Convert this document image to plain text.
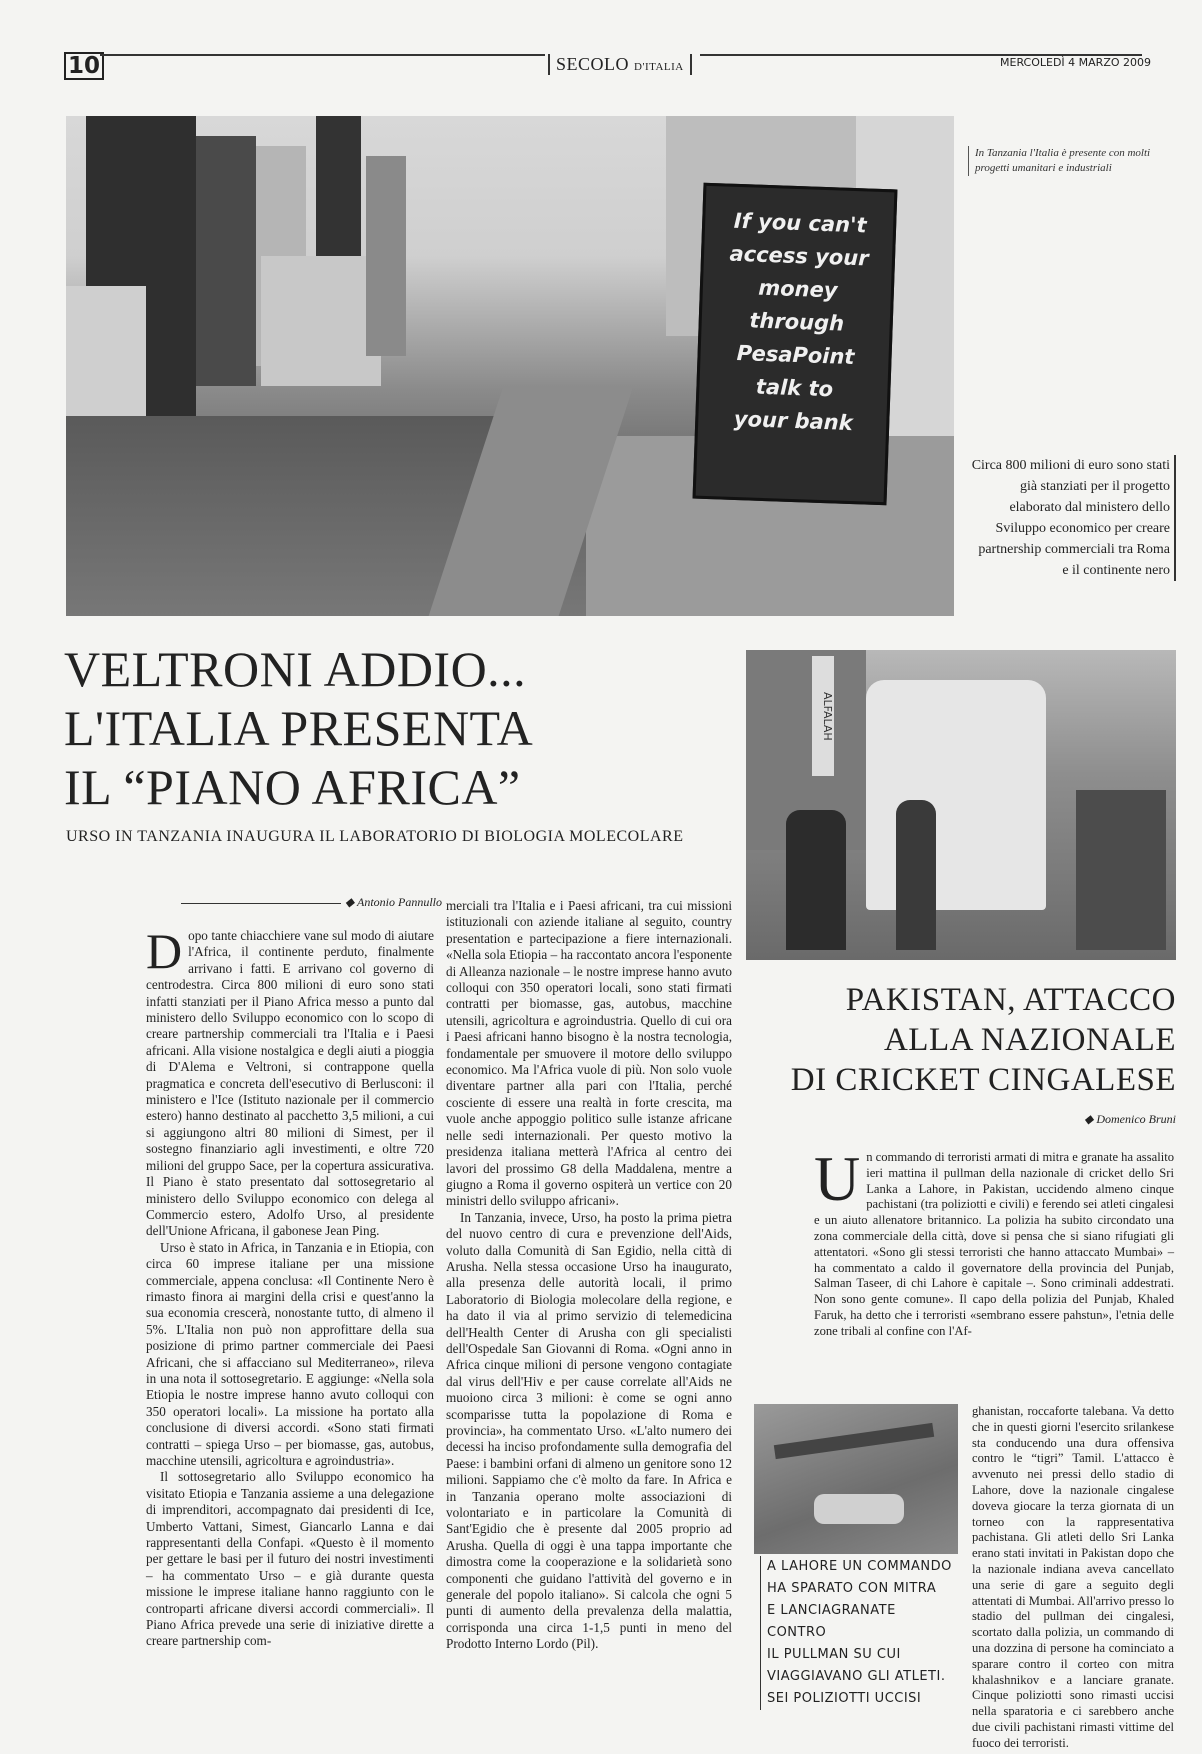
10	SECOLO D'ITALIA	MERCOLEDÌ 4 MARZO 2009
If you can't
access your
money through
PesaPoint
talk to
your bank
In Tanzania l'Italia è presente con molti progetti umanitari e industriali
Circa 800 milioni di euro sono stati già stanziati per il progetto elaborato dal ministero dello Sviluppo economico per creare partnership commerciali tra Roma e il continente nero
VELTRONI ADDIO...
L'ITALIA PRESENTA
IL “PIANO AFRICA”
URSO IN TANZANIA INAUGURA IL LABORATORIO DI BIOLOGIA MOLECOLARE
◆ Antonio Pannullo

Dopo tante chiacchiere vane sul modo di aiutare l'Africa, il continente perduto, finalmente arrivano i fatti. E arrivano col governo di centrodestra. Circa 800 milioni di euro sono stati infatti stanziati per il Piano Africa messo a punto dal ministero dello Sviluppo economico con lo scopo di creare partnership commerciali tra l'Italia e i Paesi africani. Alla visione nostalgica e degli aiuti a pioggia di D'Alema e Veltroni, si contrappone quella pragmatica e concreta dell'esecutivo di Berlusconi: il ministero e l'Ice (Istituto nazionale per il commercio estero) hanno destinato al pacchetto 3,5 milioni, a cui si aggiungono altri 80 milioni di Simest, per il sostegno finanziario agli investimenti, e oltre 720 milioni del gruppo Sace, per la copertura assicurativa. Il Piano è stato presentato dal sottosegretario al ministero dello Sviluppo economico con delega al Commercio estero, Adolfo Urso, al presidente dell'Unione Africana, il gabonese Jean Ping.

Urso è stato in Africa, in Tanzania e in Etiopia, con circa 60 imprese italiane per una missione commerciale, appena conclusa: «Il Continente Nero è rimasto finora ai margini della crisi e quest'anno la sua economia crescerà, nonostante tutto, di almeno il 5%. L'Italia non può non approfittare della sua posizione di primo partner commerciale dei Paesi Africani, che si affacciano sul Mediterraneo», rileva in una nota il sottosegretario. E aggiunge: «Nella sola Etiopia le nostre imprese hanno avuto colloqui con 350 operatori locali». La missione ha portato alla conclusione di diversi accordi. «Sono stati firmati contratti – spiega Urso – per biomasse, gas, autobus, macchine utensili, agricoltura e agroindustria».

Il sottosegretario allo Sviluppo economico ha visitato Etiopia e Tanzania assieme a una delegazione di imprenditori, accompagnato dai presidenti di Ice, Umberto Vattani, Simest, Giancarlo Lanna e dai rappresentanti della Confapi. «Questo è il momento per gettare le basi per il futuro dei nostri investimenti – ha commentato Urso – e già durante questa missione le imprese italiane hanno raggiunto con le controparti africane diversi accordi commerciali». Il Piano Africa prevede una serie di iniziative dirette a creare partnership com-

merciali tra l'Italia e i Paesi africani, tra cui missioni istituzionali con aziende italiane al seguito, country presentation e partecipazione a fiere internazionali. «Nella sola Etiopia – ha raccontato ancora l'esponente di Alleanza nazionale – le nostre imprese hanno avuto colloqui con 350 operatori locali, sono stati firmati contratti per biomasse, gas, autobus, macchine utensili, agricoltura e agroindustria. Quello di cui ora i Paesi africani hanno bisogno è la nostra tecnologia, fondamentale per smuovere il motore dello sviluppo economico. Ma l'Africa vuole di più. Non solo vuole diventare partner alla pari con l'Italia, perché cosciente di essere una realtà in forte crescita, ma vuole anche appoggio politico sulle istanze africane nelle sedi internazionali. Per questo motivo la presidenza italiana metterà l'Africa al centro dei lavori del prossimo G8 della Maddalena, mentre a giugno a Roma il governo ospiterà un vertice con 20 ministri dello sviluppo africani».

In Tanzania, invece, Urso, ha posto la prima pietra del nuovo centro di cura e prevenzione dell'Aids, voluto dalla Comunità di San Egidio, nella città di Arusha. Nella stessa occasione Urso ha inaugurato, alla presenza delle autorità locali, il primo Laboratorio di Biologia molecolare della regione, e ha dato il via al primo servizio di telemedicina dell'Health Center di Arusha con gli specialisti dell'Ospedale San Giovanni di Roma. «Ogni anno in Africa cinque milioni di persone vengono contagiate dal virus dell'Hiv e per cause correlate all'Aids ne muoiono circa 3 milioni: è come se ogni anno scomparisse tutta la popolazione di Roma e provincia», ha commentato Urso. «L'alto numero dei decessi ha inciso profondamente sulla demografia del Paese: i bambini orfani di almeno un genitore sono 12 milioni. Sappiamo che c'è molto da fare. In Africa e in Tanzania operano molte associazioni di volontariato e in particolare la Comunità di Sant'Egidio che è presente dal 2005 proprio ad Arusha. Quella di oggi è una tappa importante che dimostra come la cooperazione e la solidarietà sono componenti che guidano l'attività del governo e in generale del popolo italiano». Si calcola che ogni 5 punti di aumento della prevalenza della malattia, corrisponda una circa 1-1,5 punti in meno del Prodotto Interno Lordo (Pil).

ALFALAH
PAKISTAN, ATTACCO
ALLA NAZIONALE
DI CRICKET CINGALESE
◆ Domenico Bruni

Un commando di terroristi armati di mitra e granate ha assalito ieri mattina il pullman della nazionale di cricket dello Sri Lanka a Lahore, in Pakistan, uccidendo almeno cinque pachistani (tra poliziotti e civili) e ferendo sei atleti cingalesi e un aiuto allenatore britannico. La polizia ha subito circondato una zona commerciale della città, dove si pensa che si siano rifugiati gli attentatori. «Sono gli stessi terroristi che hanno attaccato Mumbai» – ha commentato a caldo il governatore della provincia del Punjab, Salman Taseer, di chi Lahore è capitale –. Sono criminali addestrati. Non sono gente comune». Il capo della polizia del Punjab, Khaled Faruk, ha detto che i terroristi «sembrano essere pahstun», l'etnia delle zone tribali al confine con l'Af-

ghanistan, roccaforte talebana. Va detto che in questi giorni l'esercito srilankese sta conducendo una dura offensiva contro le “tigri” Tamil. L'attacco è avvenuto nei pressi dello stadio di Lahore, dove la nazionale cingalese doveva giocare la terza giornata di un torneo con la rappresentativa pachistana. Gli atleti dello Sri Lanka erano stati invitati in Pakistan dopo che la nazionale indiana aveva cancellato una serie di gare a seguito degli attentati di Mumbai. All'arrivo presso lo stadio del pullman dei cingalesi, scortato dalla polizia, un commando di una dozzina di persone ha cominciato a sparare contro il corteo con mitra khalashnikov e a lanciare granate. Cinque poliziotti sono rimasti uccisi nella sparatoria e ci sarebbero anche due civili pachistani rimasti vittime del fuoco dei terroristi.

A LAHORE UN COMMANDO
HA SPARATO CON MITRA
E LANCIAGRANATE CONTRO
IL PULLMAN SU CUI
VIAGGIAVANO GLI ATLETI.
SEI POLIZIOTTI UCCISI
